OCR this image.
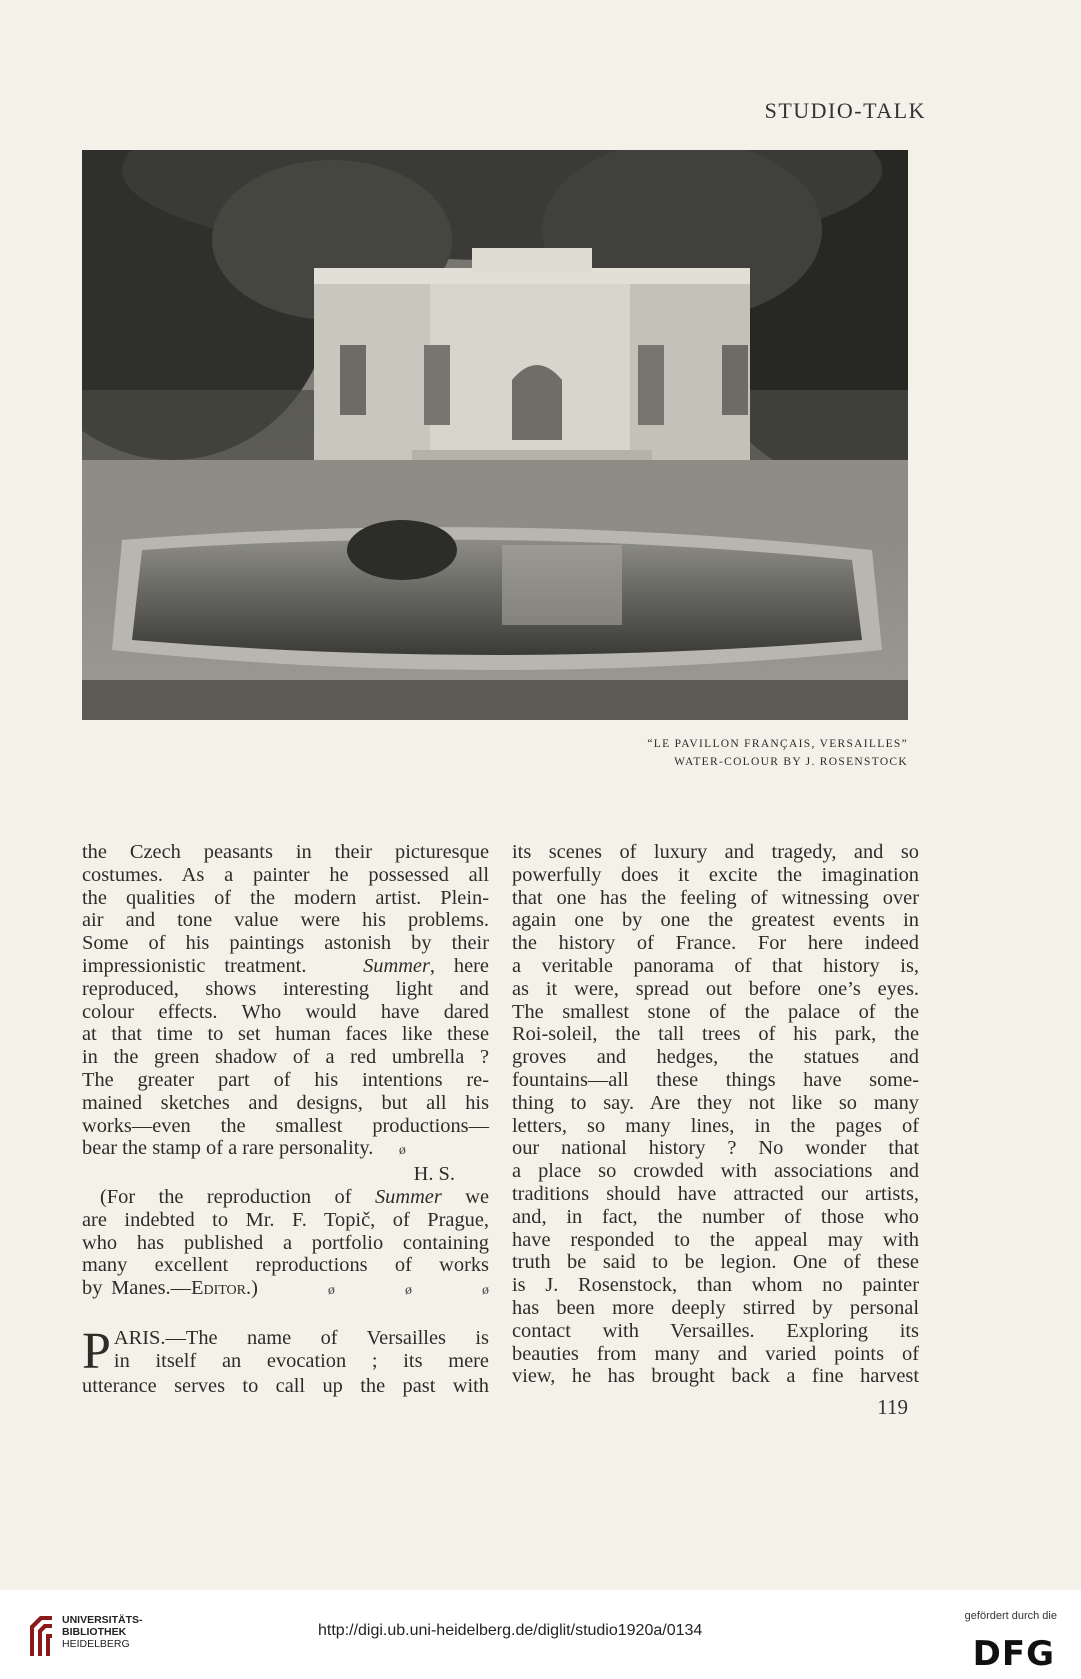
STUDIO-TALK
“LE PAVILLON FRANÇAIS, VERSAILLES”
WATER-COLOUR BY J. ROSENSTOCK

the Czech peasants in their picturesque
costumes. As a painter he possessed all
the qualities of the modern artist. Plein-
air and tone value were his problems.
Some of his paintings astonish by their
impressionistic treatment.	Summer, here
reproduced, shows interesting light and
colour effects. Who would have dared
at that time to set human faces like these
in the green shadow of a red umbrella ?
The greater part of his intentions re-
mained sketches and designs, but all his
works—even the smallest productions—
bear the stamp of a rare personality. ø
H. S.

(For the reproduction of Summer we
are indebted to Mr. F. Topič, of Prague,
who has published a portfolio containing
many excellent reproductions of works
by Manes.—Editor.)	ø	ø	ø

P ARIS.—The name of Versailles is
in itself an evocation ; its mere
utterance serves to call up the past with

its scenes of luxury and tragedy, and so
powerfully does it excite the imagination
that one has the feeling of witnessing over
again one by one the greatest events in
the history of France. For here indeed
a veritable panorama of that history is,
as it were, spread out before one’s eyes.
The smallest stone of the palace of the
Roi-soleil, the tall trees of his park, the
groves and hedges, the statues and
fountains—all these things have some-
thing to say. Are they not like so many
letters, so many lines, in the pages of
our national history ? No wonder that
a place so crowded with associations and
traditions should have attracted our artists,
and, in fact, the number of those who
have responded to the appeal may with
truth be said to be legion. One of these
is J. Rosenstock, than whom no painter
has been more deeply stirred by personal
contact with Versailles. Exploring its
beauties from many and varied points of
view, he has brought back a fine harvest

119
UNIVERSITÄTS-
BIBLIOTHEK
HEIDELBERG
http://digi.ub.uni-heidelberg.de/diglit/studio1920a/0134
gefördert durch die
DFG
